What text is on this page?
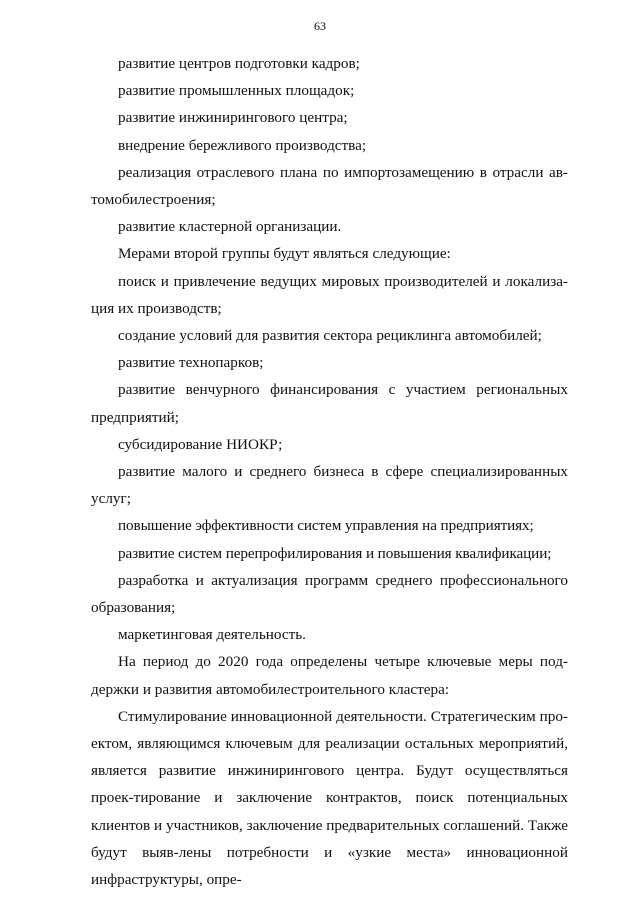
63

развитие центров подготовки кадров;

развитие промышленных площадок;

развитие инжинирингового центра;

внедрение бережливого производства;

реализация отраслевого плана по импортозамещению в отрасли ав-томобилестроения;

развитие кластерной организации.

Мерами второй группы будут являться следующие:

поиск и привлечение ведущих мировых производителей и локализа-ция их производств;

создание условий для развития сектора рециклинга автомобилей;

развитие технопарков;

развитие венчурного финансирования с участием региональных предприятий;

субсидирование НИОКР;

развитие малого и среднего бизнеса в сфере специализированных услуг;

повышение эффективности систем управления на предприятиях;

развитие систем перепрофилирования и повышения квалификации;

разработка и актуализация программ среднего профессионального образования;

маркетинговая деятельность.

На период до 2020 года определены четыре ключевые меры под-держки и развития автомобилестроительного кластера:

Стимулирование инновационной деятельности. Стратегическим про-ектом, являющимся ключевым для реализации остальных мероприятий, является развитие инжинирингового центра. Будут осуществляться проек-тирование и заключение контрактов, поиск потенциальных клиентов и участников, заключение предварительных соглашений. Также будут выяв-лены потребности и «узкие места» инновационной инфраструктуры, опре-
